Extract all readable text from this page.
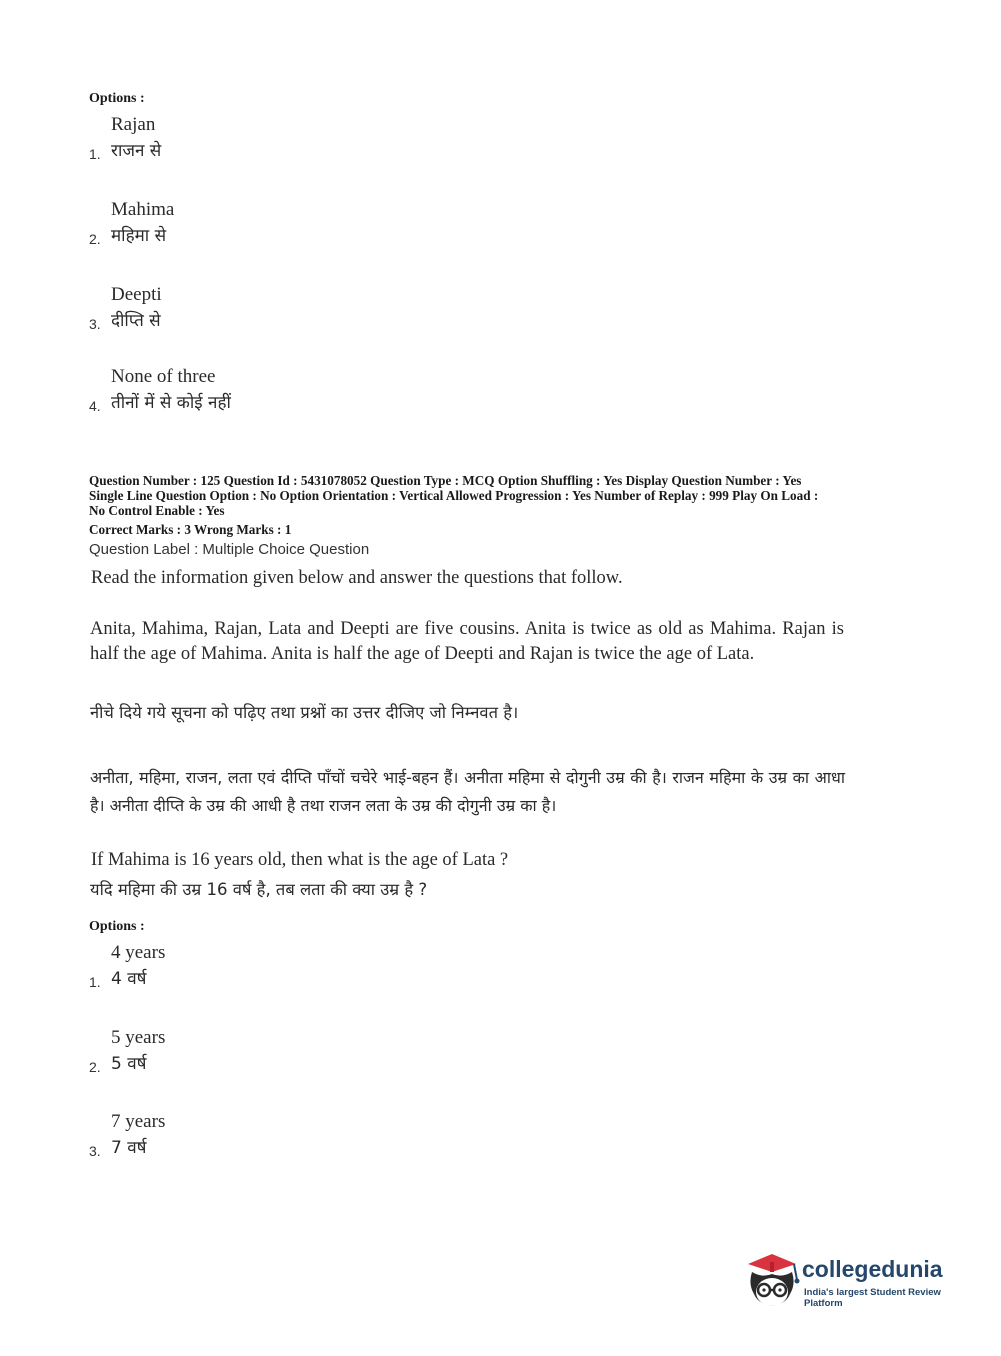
Options :
1.
Rajan
राजन से
2.
Mahima
महिमा से
3.
Deepti
दीप्ति से
4.
None of three
तीनों में से कोई नहीं
Question Number : 125 Question Id : 5431078052 Question Type : MCQ Option Shuffling : Yes Display Question Number : Yes
Single Line Question Option : No Option Orientation : Vertical Allowed Progression : Yes Number of Replay : 999 Play On Load :
No Control Enable : Yes
Correct Marks : 3 Wrong Marks : 1
Question Label : Multiple Choice Question
Read the information given below and answer the questions that follow.
Anita, Mahima, Rajan, Lata and Deepti are five cousins. Anita is twice as old as Mahima. Rajan is half the age of Mahima. Anita is half the age of Deepti and Rajan is twice the age of Lata.
नीचे दिये गये सूचना को पढ़िए तथा प्रश्नों का उत्तर दीजिए जो निम्नवत है।
अनीता, महिमा, राजन, लता एवं दीप्ति पाँचों चचेरे भाई-बहन हैं। अनीता महिमा से दोगुनी उम्र की है। राजन महिमा के उम्र का आधा है। अनीता दीप्ति के उम्र की आधी है तथा राजन लता के उम्र की दोगुनी उम्र का है।
If Mahima is 16 years old, then what is the age of Lata ?
यदि महिमा की उम्र 16 वर्ष है, तब लता की क्या उम्र है ?
Options :
1.
4 years
4 वर्ष
2.
5 years
5 वर्ष
3.
7 years
7 वर्ष
collegedunia
India's largest Student Review Platform
